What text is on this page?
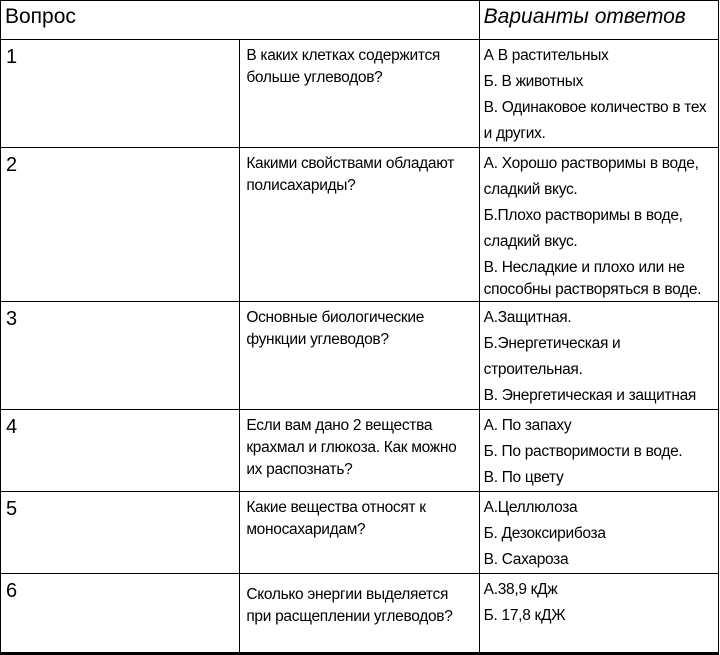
Вопрос		Варианты ответов
1	В каких клетках содержится больше углеводов?	А В растительных
Б. В животных
В. Одинаковое количество в тех и других.

2	Какими свойствами обладают полисахариды?	А. Хорошо растворимы в воде, сладкий вкус.
Б.Плохо растворимы в воде, сладкий вкус.
В. Несладкие и плохо или не способны растворяться в воде.

3	Основные биологические функции углеводов?	А.Защитная.
Б.Энергетическая и строительная.
В. Энергетическая и защитная

4	Если вам дано 2 вещества крахмал и глюкоза. Как можно их распознать?	А. По запаху
Б. По растворимости в воде.
В. По цвету

5	Какие вещества относят к моносахаридам?	А.Целлюлоза
Б. Дезоксирибоза
В. Сахароза

6	Сколько энергии выделяется при расщеплении углеводов?	А.38,9 кДж
Б. 17,8 кДЖ
